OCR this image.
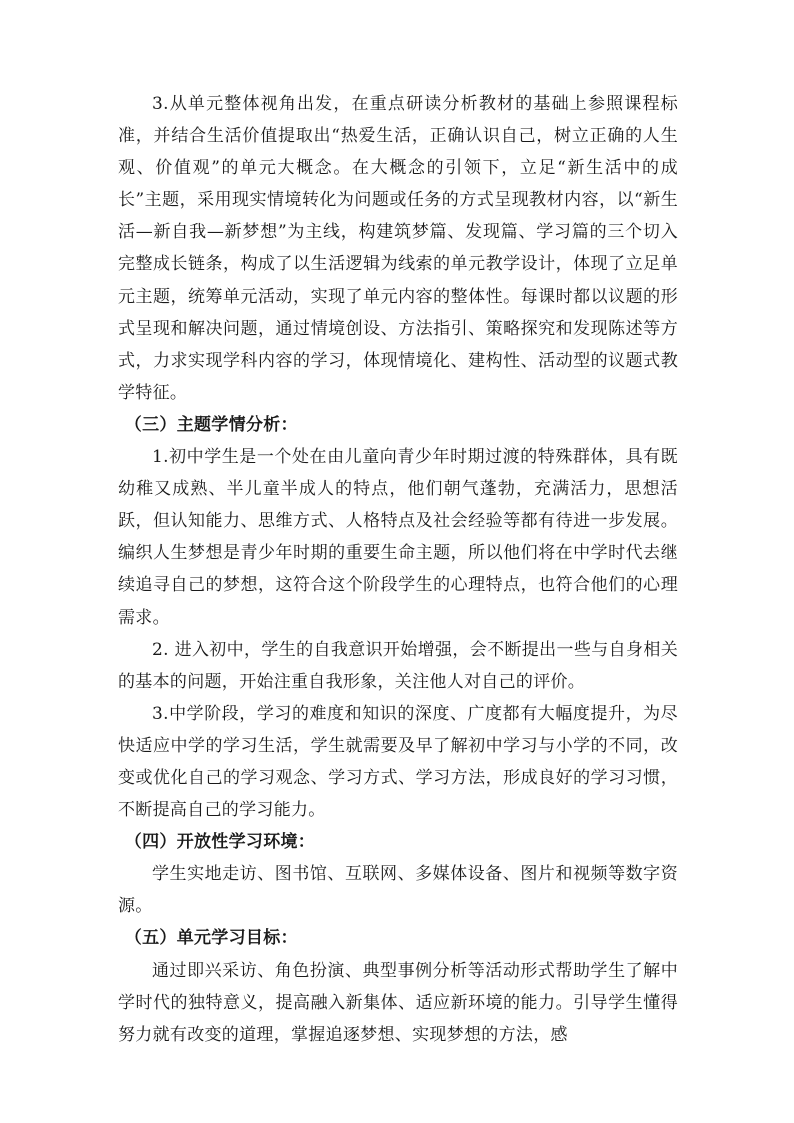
3.从单元整体视角出发，在重点研读分析教材的基础上参照课程标准，并结合生活价值提取出“热爱生活，正确认识自己，树立正确的人生观、价值观”的单元大概念。在大概念的引领下，立足“新生活中的成长”主题，采用现实情境转化为问题或任务的方式呈现教材内容，以“新生活—新自我—新梦想”为主线，构建筑梦篇、发现篇、学习篇的三个切入完整成长链条，构成了以生活逻辑为线索的单元教学设计，体现了立足单元主题，统筹单元活动，实现了单元内容的整体性。每课时都以议题的形式呈现和解决问题，通过情境创设、方法指引、策略探究和发现陈述等方式，力求实现学科内容的学习，体现情境化、建构性、活动型的议题式教学特征。

（三）主题学情分析：

1.初中学生是一个处在由儿童向青少年时期过渡的特殊群体，具有既幼稚又成熟、半儿童半成人的特点，他们朝气蓬勃，充满活力，思想活跃，但认知能力、思维方式、人格特点及社会经验等都有待进一步发展。编织人生梦想是青少年时期的重要生命主题，所以他们将在中学时代去继续追寻自己的梦想，这符合这个阶段学生的心理特点，也符合他们的心理需求。

2. 进入初中，学生的自我意识开始增强，会不断提出一些与自身相关的基本的问题，开始注重自我形象，关注他人对自己的评价。

3.中学阶段，学习的难度和知识的深度、广度都有大幅度提升，为尽快适应中学的学习生活，学生就需要及早了解初中学习与小学的不同，改变或优化自己的学习观念、学习方式、学习方法，形成良好的学习习惯，不断提高自己的学习能力。

（四）开放性学习环境：

学生实地走访、图书馆、互联网、多媒体设备、图片和视频等数字资源。

（五）单元学习目标：

通过即兴采访、角色扮演、典型事例分析等活动形式帮助学生了解中学时代的独特意义，提高融入新集体、适应新环境的能力。引导学生懂得努力就有改变的道理，掌握追逐梦想、实现梦想的方法，感
